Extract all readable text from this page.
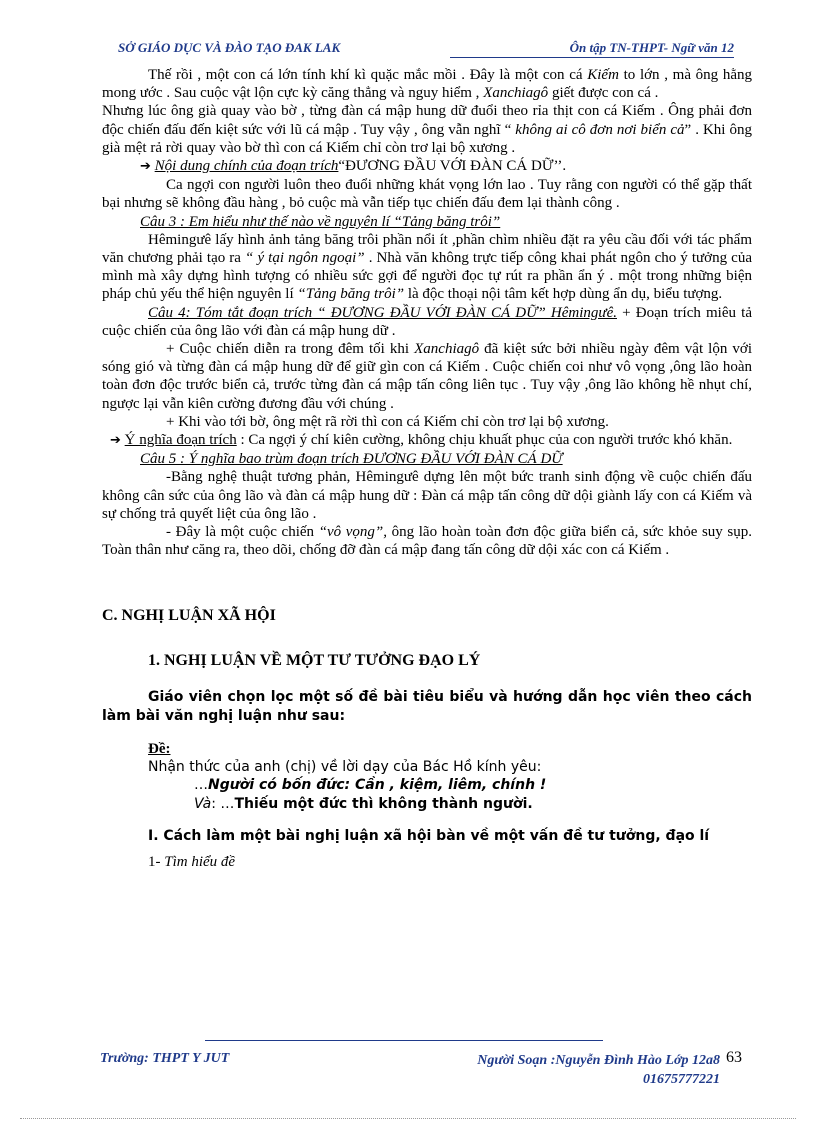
SỞ GIÁO DỤC VÀ ĐÀO TẠO ĐAK LAK	Ôn tập TN-THPT- Ngữ văn 12

Thế rồi , một con cá lớn tính khí kì quặc mắc mồi . Đây là một con cá Kiếm to lớn , mà ông hằng mong ước . Sau cuộc vật lộn cực kỳ căng thẳng và nguy hiểm , Xanchiagô giết được con cá .

Nhưng lúc ông già quay vào bờ , từng đàn cá mập hung dữ đuổi theo rỉa thịt con cá Kiếm . Ông phải đơn độc chiến đấu đến kiệt sức với lũ cá mập . Tuy vậy , ông vẫn nghĩ “ không ai cô đơn nơi biển cả” . Khi ông già mệt rả rời quay vào bờ thì con cá Kiếm chỉ còn trơ lại bộ xương .

➔ Nội dung chính của đoạn trích“ĐƯƠNG ĐẦU VỚI ĐÀN CÁ DỮ’’.

Ca ngợi con người luôn theo đuổi những khát vọng lớn lao . Tuy rằng con người có thể gặp thất bại nhưng sẽ không đầu hàng , bỏ cuộc mà vẫn tiếp tục chiến đấu đem lại thành công .

Câu 3 : Em hiểu như thế nào về nguyên lí “Tảng băng trôi”

Hêmingưê lấy hình ảnh tảng băng trôi phần nổi ít ,phần chìm nhiều đặt ra yêu cầu đối với tác phẩm văn chương phải tạo ra “ ý tại ngôn ngoại” . Nhà văn không trực tiếp công khai phát ngôn cho ý tưởng của mình mà xây dựng hình tượng có nhiều sức gợi để người đọc tự rút ra phần ẩn ý . một trong những biện pháp chủ yếu thể hiện nguyên lí “Tảng băng trôi” là độc thoại nội tâm kết hợp dùng ẩn dụ, biểu tượng.

Câu 4: Tóm tắt đoạn trích “ ĐƯƠNG ĐẦU VỚI ĐÀN CÁ DỮ” Hêmingưê. + Đoạn trích miêu tả cuộc chiến của ông lão với đàn cá mập hung dữ .

+ Cuộc chiến diễn ra trong đêm tối khi Xanchiagô đã kiệt sức bởi nhiều ngày đêm vật lộn với sóng gió và từng đàn cá mập hung dữ để giữ gìn con cá Kiếm . Cuộc chiến coi như vô vọng ,ông lão hoàn toàn đơn độc trước biển cả, trước từng đàn cá mập tấn công liên tục . Tuy vậy ,ông lão không hề nhụt chí, ngược lại vẫn kiên cường đương đầu với chúng .

+ Khi vào tới bờ, ông mệt rã rời thì con cá Kiếm chỉ còn trơ lại bộ xương.

➔ Ý nghĩa đoạn trích : Ca ngợi ý chí kiên cường, không chịu khuất phục của con người trước khó khăn.

Câu 5 : Ý nghĩa bao trùm đoạn trích ĐƯƠNG ĐẦU VỚI ĐÀN CÁ DỮ

-Bằng nghệ thuật tương phản, Hêmingưê dựng lên một bức tranh sinh động về cuộc chiến đấu không cân sức của ông lão và đàn cá mập hung dữ : Đàn cá mập tấn công dữ dội giành lấy con cá Kiếm và sự chống trả quyết liệt của ông lão .

- Đây là một cuộc chiến “vô vọng”, ông lão hoàn toàn đơn độc giữa biển cả, sức khỏe suy sụp. Toàn thân như căng ra, theo dõi, chống đỡ đàn cá mập đang tấn công dữ dội xác con cá Kiếm .

C. NGHỊ LUẬN XÃ HỘI

1. NGHỊ LUẬN VỀ MỘT TƯ TƯỞNG ĐẠO LÝ

Giáo viên chọn lọc một số đề bài tiêu biểu và hướng dẫn học viên theo cách làm bài văn nghị luận như sau:

Đề:

Nhận thức của anh (chị) về lời dạy của Bác Hồ kính yêu:

…Người có bốn đức: Cần , kiệm, liêm, chính !

Và: …Thiếu một đức thì không thành người.

I. Cách làm một bài nghị luận xã hội bàn về một vấn đề tư tưởng, đạo lí

1- Tìm hiểu đề

Trường: THPT Y JUT	Người Soạn :Nguyễn Đình Hào Lớp 12a8
01675777221
63
